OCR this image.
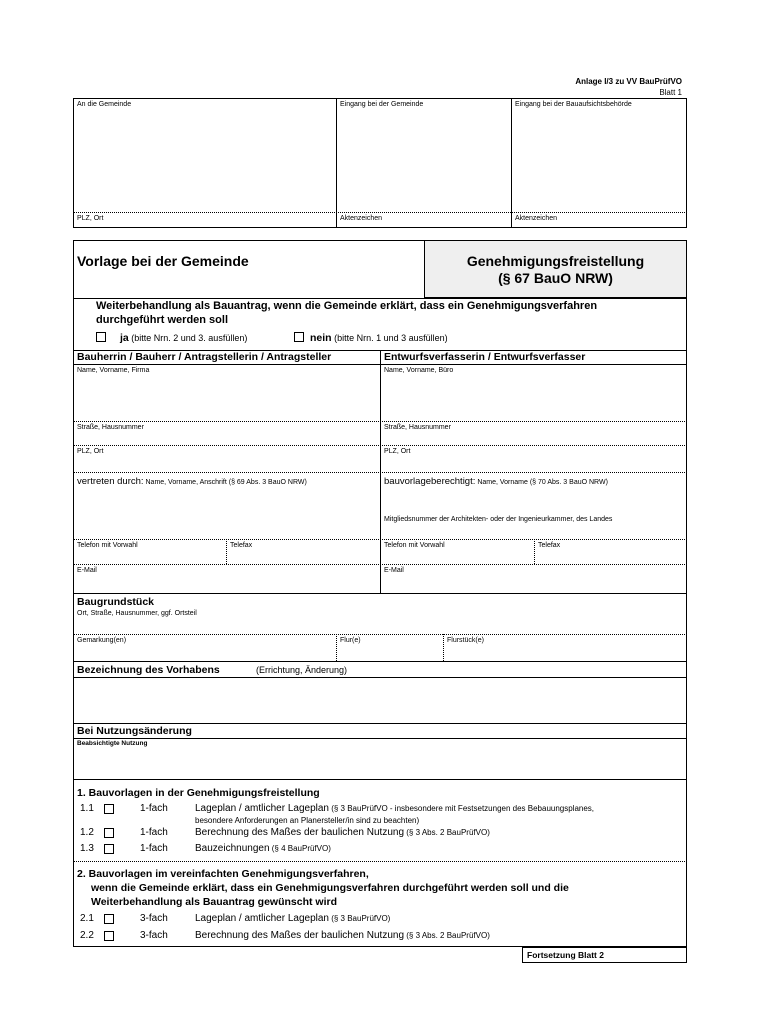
Anlage I/3 zu VV BauPrüfVO
Blatt 1
An die Gemeinde	Eingang bei der Gemeinde	Eingang bei der Bauaufsichtsbehörde
PLZ, Ort	Aktenzeichen	Aktenzeichen
Vorlage bei der Gemeinde	Genehmigungsfreistellung
(§ 67 BauO NRW)
Weiterbehandlung als Bauantrag, wenn die Gemeinde erklärt, dass ein Genehmigungsverfahren
durchgeführt werden soll
ja (bitte Nrn. 2 und 3. ausfüllen)	nein (bitte Nrn. 1 und 3 ausfüllen)
Bauherrin / Bauherr / Antragstellerin / Antragsteller	Entwurfsverfasserin / Entwurfsverfasser
Name, Vorname, Firma	Name, Vorname, Büro
Straße, Hausnummer	Straße, Hausnummer
PLZ, Ort	PLZ, Ort
vertreten durch: Name, Vorname, Anschrift (§ 69 Abs. 3 BauO NRW)	bauvorlageberechtigt: Name, Vorname (§ 70 Abs. 3 BauO NRW)
Mitgliedsnummer der Architekten- oder der Ingenieurkammer, des Landes
Telefon mit Vorwahl	Telefax	Telefon mit Vorwahl	Telefax
E-Mail	E-Mail
Baugrundstück
Ort, Straße, Hausnummer, ggf. Ortsteil
Gemarkung(en)	Flur(e)	Flurstück(e)
Bezeichnung des Vorhabens	(Errichtung, Änderung)
Bei Nutzungsänderung
Beabsichtigte Nutzung
1. Bauvorlagen in der Genehmigungsfreistellung
1.1	1-fach	Lageplan / amtlicher Lageplan (§ 3 BauPrüfVO - insbesondere mit Festsetzungen des Bebauungsplanes,
besondere Anforderungen an Planersteller/in sind zu beachten)
1.2	1-fach	Berechnung des Maßes der baulichen Nutzung (§ 3 Abs. 2 BauPrüfVO)
1.3	1-fach	Bauzeichnungen (§ 4 BauPrüfVO)
2. Bauvorlagen im vereinfachten Genehmigungsverfahren,
wenn die Gemeinde erklärt, dass ein Genehmigungsverfahren durchgeführt werden soll und die
Weiterbehandlung als Bauantrag gewünscht wird
2.1	3-fach	Lageplan / amtlicher Lageplan (§ 3 BauPrüfVO)
2.2	3-fach	Berechnung des Maßes der baulichen Nutzung (§ 3 Abs. 2 BauPrüfVO)
Fortsetzung Blatt 2
